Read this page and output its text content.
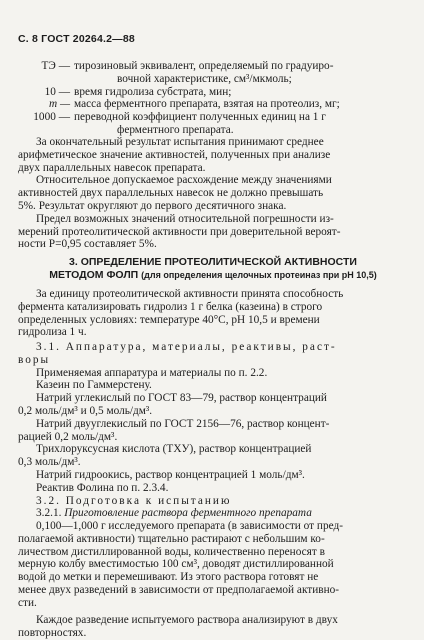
С. 8 ГОСТ 20264.2—88
ТЭ — тирозиновый эквивалент, определяемый по градуиро-
вочной характеристике, см³/мкмоль;
10 — время гидролиза субстрата, мин;
m — масса ферментного препарата, взятая на протеолиз, мг;
1000 — переводной коэффициент полученных единиц на 1 г
ферментного препарата.
За окончательный результат испытания принимают среднее
арифметическое значение активностей, полученных при анализе
двух параллельных навесок препарата.
Относительное допускаемое расхождение между значениями
активностей двух параллельных навесок не должно превышать
5%. Результат округляют до первого десятичного знака.
Предел возможных значений относительной погрешности из-
мерений протеолитической активности при доверительной вероят-
ности P=0,95 составляет 5%.
3. ОПРЕДЕЛЕНИЕ ПРОТЕОЛИТИЧЕСКОЙ АКТИВНОСТИ
МЕТОДОМ ФОЛП (для определения щелочных протеиназ при pH 10,5)
За единицу протеолитической активности принята способность
фермента катализировать гидролиз 1 г белка (казеина) в строго
определенных условиях: температуре 40°С, pH 10,5 и времени
гидролиза 1 ч.
3.1. Аппаратура, материалы, реактивы, раст-
воры
Применяемая аппаратура и материалы по п. 2.2.
Казеин по Гаммерстену.
Натрий углекислый по ГОСТ 83—79, раствор концентраций
0,2 моль/дм³ и 0,5 моль/дм³.
Натрий двууглекислый по ГОСТ 2156—76, раствор концент-
рацией 0,2 моль/дм³.
Трихлоруксусная кислота (ТХУ), раствор концентрацией
0,3 моль/дм³.
Натрий гидроокись, раствор концентрацией 1 моль/дм³.
Реактив Фолина по п. 2.3.4.
3.2. Подготовка к испытанию
3.2.1. Приготовление раствора ферментного препарата
0,100—1,000 г исследуемого препарата (в зависимости от пред-
полагаемой активности) тщательно растирают с небольшим ко-
личеством дистиллированной воды, количественно переносят в
мерную колбу вместимостью 100 см³, доводят дистиллированной
водой до метки и перемешивают. Из этого раствора готовят не
менее двух разведений в зависимости от предполагаемой активно-
сти.
Каждое разведение испытуемого раствора анализируют в двух
повторностях.
